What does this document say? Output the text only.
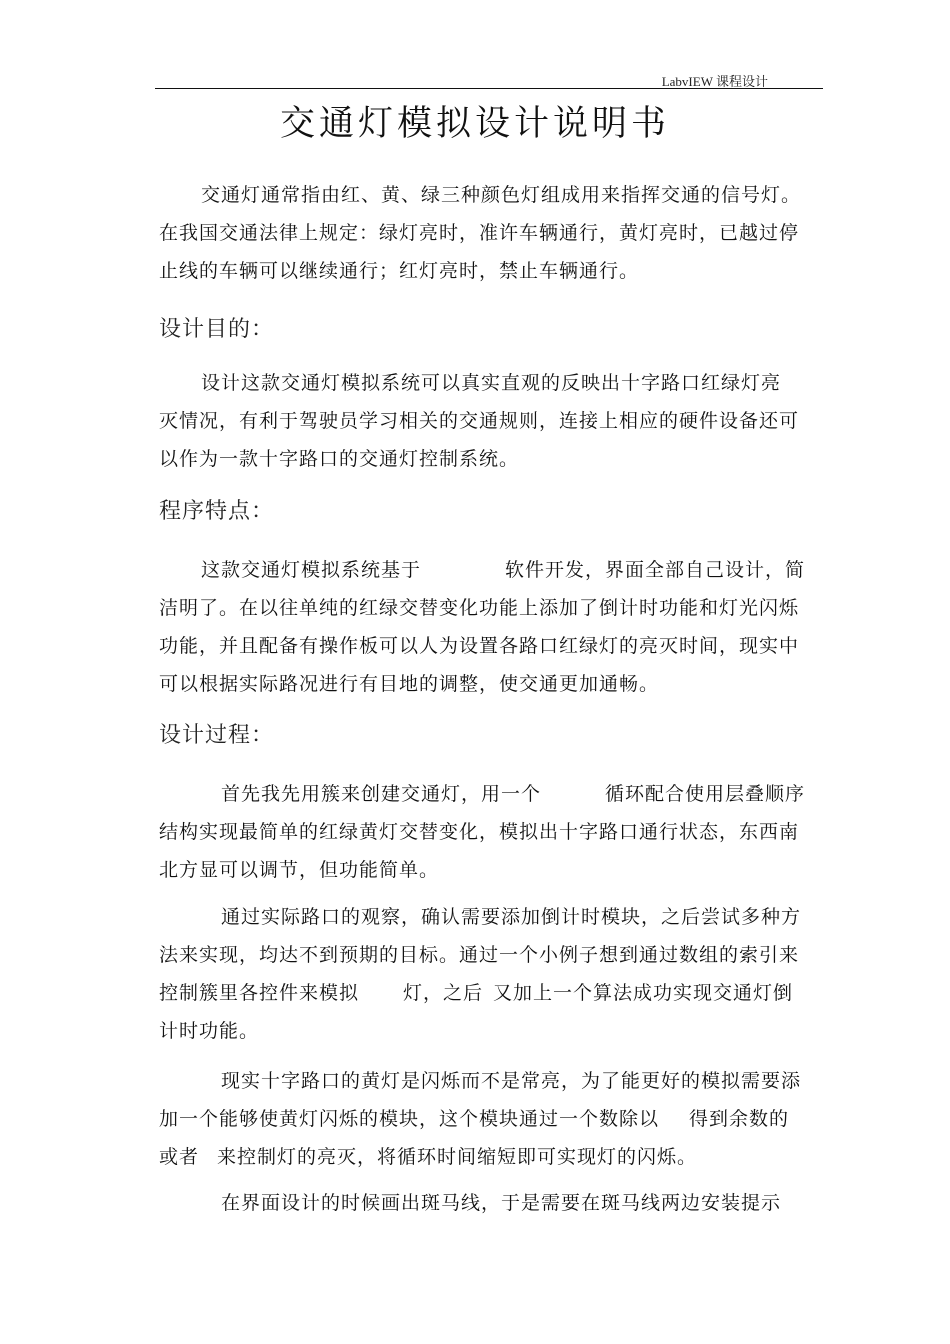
LabvIEW 课程设计
交通灯模拟设计说明书
交通灯通常指由红、黄、绿三种颜色灯组成用来指挥交通的信号灯。
在我国交通法律上规定：绿灯亮时，准许车辆通行，黄灯亮时，已越过停
止线的车辆可以继续通行；红灯亮时，禁止车辆通行。
设计目的：
设计这款交通灯模拟系统可以真实直观的反映出十字路口红绿灯亮
灭情况，有利于驾驶员学习相关的交通规则，连接上相应的硬件设备还可
以作为一款十字路口的交通灯控制系统。
程序特点：
这款交通灯模拟系统基于	软件开发，界面全部自己设计，简
洁明了。在以往单纯的红绿交替变化功能上添加了倒计时功能和灯光闪烁
功能，并且配备有操作板可以人为设置各路口红绿灯的亮灭时间，现实中
可以根据实际路况进行有目地的调整，使交通更加通畅。
设计过程：
首先我先用簇来创建交通灯，用一个	循环配合使用层叠顺序
结构实现最简单的红绿黄灯交替变化，模拟出十字路口通行状态，东西南
北方显可以调节，但功能简单。
通过实际路口的观察，确认需要添加倒计时模块，之后尝试多种方
法来实现，均达不到预期的目标。通过一个小例子想到通过数组的索引来
控制簇里各控件来模拟 灯，之后 又加上一个算法成功实现交通灯倒
计时功能。
现实十字路口的黄灯是闪烁而不是常亮，为了能更好的模拟需要添
加一个能够使黄灯闪烁的模块，这个模块通过一个数除以 得到余数的
或者 来控制灯的亮灭，将循环时间缩短即可实现灯的闪烁。
在界面设计的时候画出斑马线，于是需要在斑马线两边安装提示
